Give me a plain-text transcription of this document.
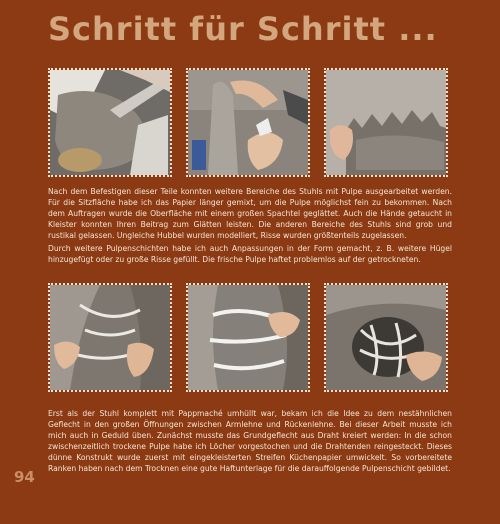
Schritt für Schritt ...

Nach dem Befestigen dieser Teile konnten weitere Bereiche des Stuhls mit Pulpe ausgearbeitet werden. Für die Sitzfläche habe ich das Papier länger gemixt, um die Pulpe möglichst fein zu bekommen. Nach dem Auftragen wurde die Oberfläche mit einem großen Spachtel geglättet. Auch die Hände getaucht in Kleister konnten Ihren Beitrag zum Glätten leisten. Die anderen Bereiche des Stuhls sind grob und rustikal gelassen. Ungleiche Hubbel wurden modelliert, Risse wurden größtenteils zugelassen.

Durch weitere Pulpenschichten habe ich auch Anpassungen in der Form gemacht, z. B. weitere Hügel hinzugefügt oder zu große Risse gefüllt. Die frische Pulpe haftet problemlos auf der getrockneten.

Erst als der Stuhl komplett mit Pappmaché umhüllt war, bekam ich die Idee zu dem nestähnlichen Geflecht in den großen Öffnungen zwischen Armlehne und Rückenlehne. Bei dieser Arbeit musste ich mich auch in Geduld üben. Zunächst musste das Grundgeflecht aus Draht kreiert werden: In die schon zwischenzeitlich trockene Pulpe habe ich Löcher vorgestochen und die Drahtenden reingesteckt. Dieses dünne Konstrukt wurde zuerst mit eingekleisterten Streifen Küchenpapier umwickelt. So vorbereitete Ranken haben nach dem Trocknen eine gute Haftunterlage für die darauffolgende Pulpenschicht gebildet.

94
